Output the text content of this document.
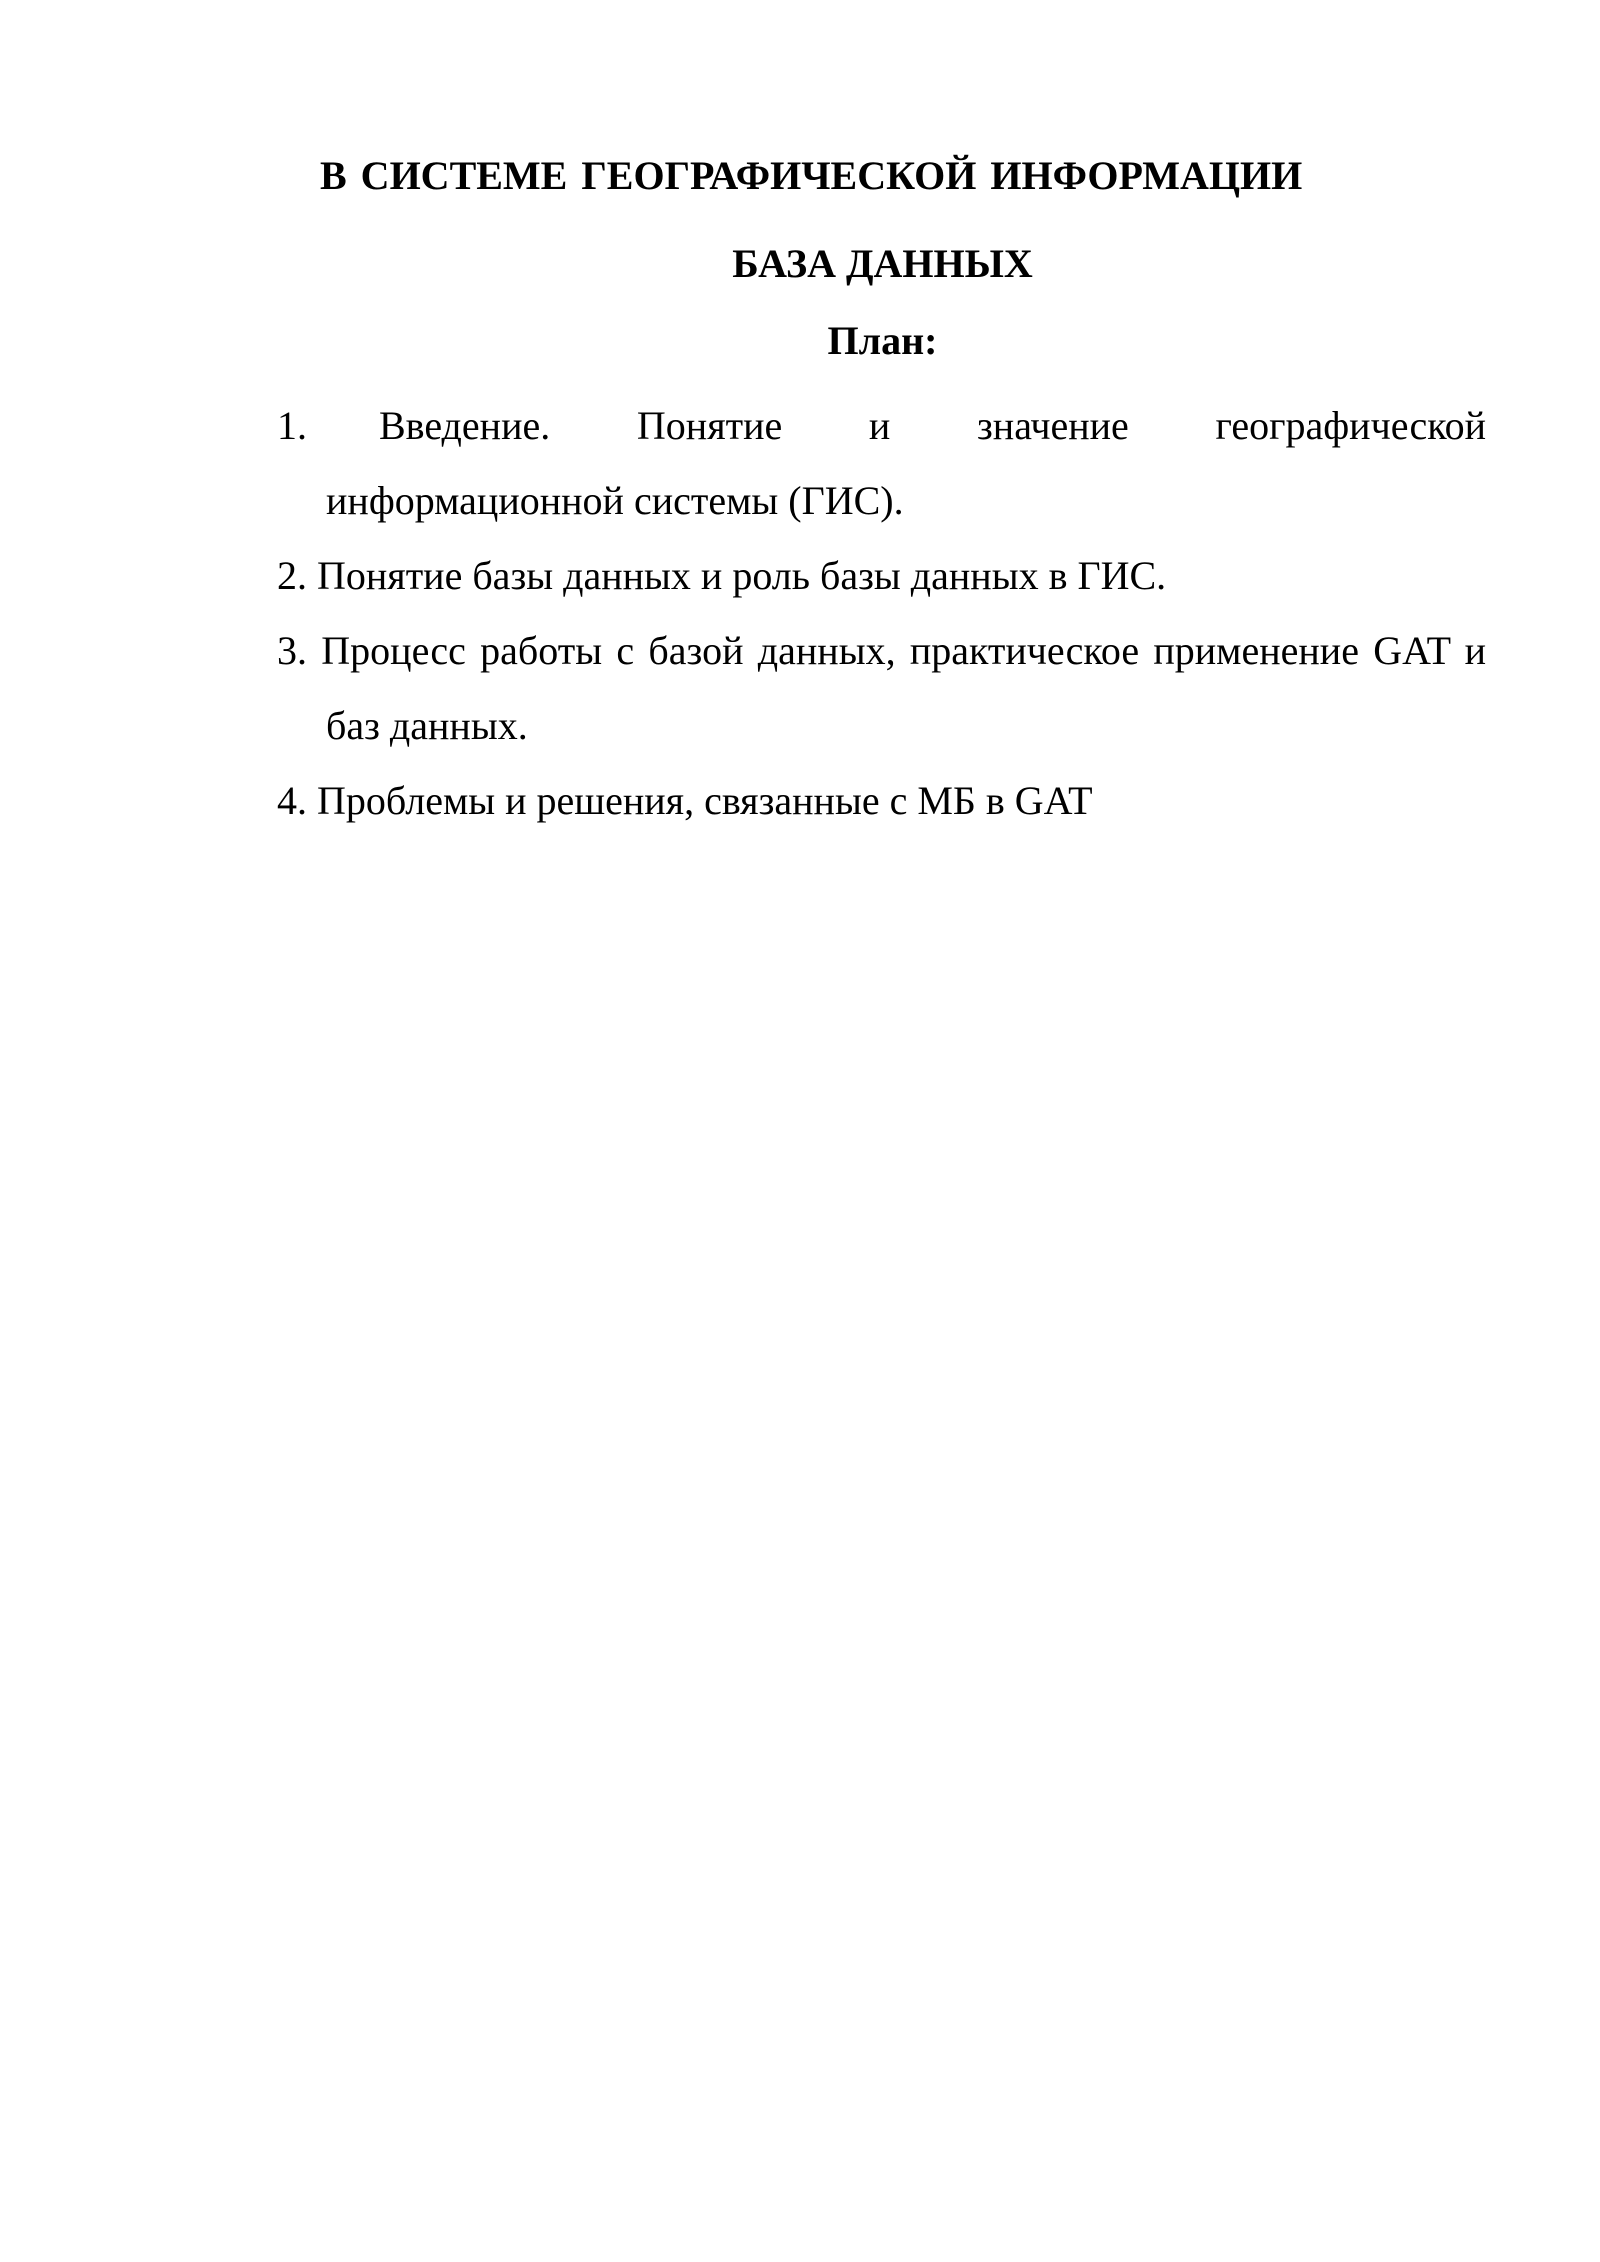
В СИСТЕМЕ ГЕОГРАФИЧЕСКОЙ ИНФОРМАЦИИ
БАЗА ДАННЫХ
План:

1. Введение. Понятие и значение географической информационной системы (ГИС).

2. Понятие базы данных и роль базы данных в ГИС.

3. Процесс работы с базой данных, практическое применение GAT и баз данных.

4. Проблемы и решения, связанные с МБ в GAT
